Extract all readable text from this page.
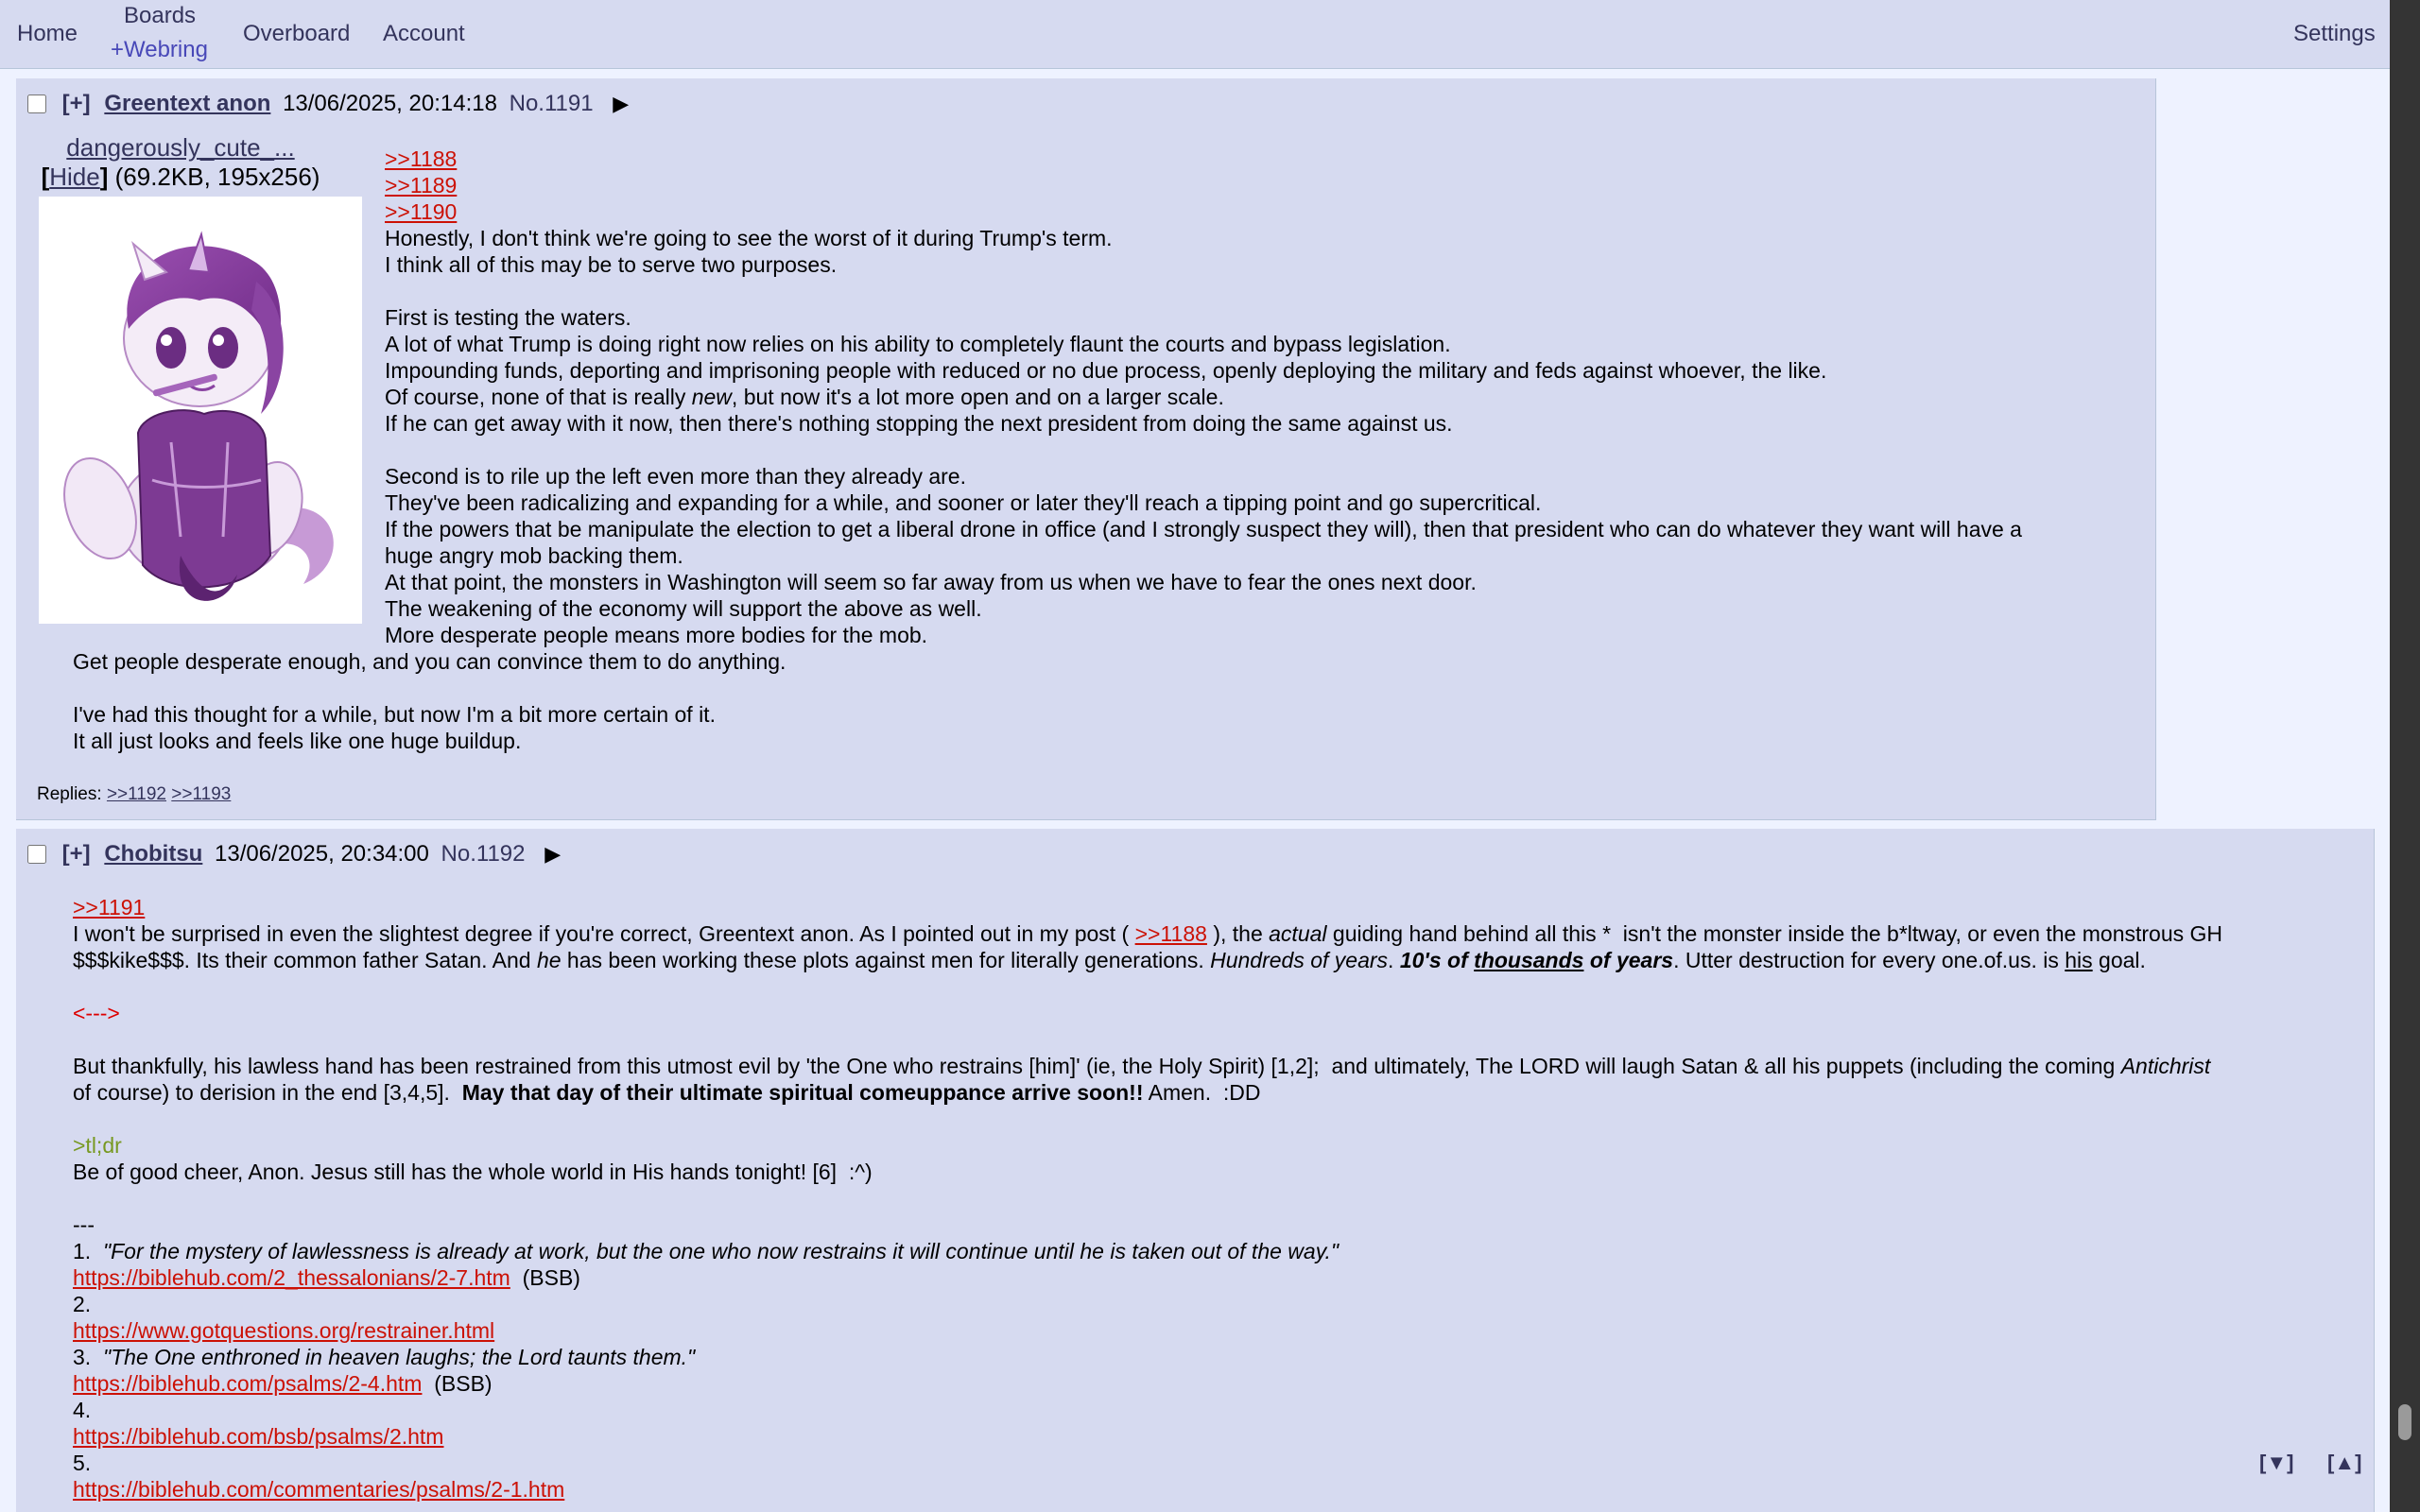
Home
Boards
+Webring
Overboard Account	Settings
[+] Greentext anon 13/06/2025, 20:14:18 No.1191 ▶
dangerously_cute_...
[Hide] (69.2KB, 195x256)
>>1188
>>1189
>>1190
Honestly, I don't think we're going to see the worst of it during Trump's term.
I think all of this may be to serve two purposes.

First is testing the waters.
A lot of what Trump is doing right now relies on his ability to completely flaunt the courts and bypass legislation.
Impounding funds, deporting and imprisoning people with reduced or no due process, openly deploying the military and feds against whoever, the like.
Of course, none of that is really new, but now it's a lot more open and on a larger scale.
If he can get away with it now, then there's nothing stopping the next president from doing the same against us.

Second is to rile up the left even more than they already are.
They've been radicalizing and expanding for a while, and sooner or later they'll reach a tipping point and go supercritical.
If the powers that be manipulate the election to get a liberal drone in office (and I strongly suspect they will), then that president who can do whatever they want will have a
huge angry mob backing them.
At that point, the monsters in Washington will seem so far away from us when we have to fear the ones next door.
The weakening of the economy will support the above as well.
More desperate people means more bodies for the mob.
Get people desperate enough, and you can convince them to do anything.

I've had this thought for a while, but now I'm a bit more certain of it.
It all just looks and feels like one huge buildup.
Replies: >>1192 >>1193
[+] Chobitsu 13/06/2025, 20:34:00 No.1192 ▶
>>1191
I won't be surprised in even the slightest degree if you're correct, Greentext anon. As I pointed out in my post ( >>1188 ), the actual guiding hand behind all this *  isn't the monster inside the b*ltway, or even the monstrous GH
$$$kike$$$. Its their common father Satan. And he has been working these plots against men for literally generations. Hundreds of years. 10's of thousands of years. Utter destruction for every one.of.us. is his goal.

<--->

But thankfully, his lawless hand has been restrained from this utmost evil by 'the One who restrains [him]' (ie, the Holy Spirit) [1,2];  and ultimately, The LORD will laugh Satan & all his puppets (including the coming Antichrist
of course) to derision in the end [3,4,5].  May that day of their ultimate spiritual comeuppance arrive soon!! Amen.  :DD

>tl;dr
Be of good cheer, Anon. Jesus still has the whole world in His hands tonight! [6]  :^)

---
1.  "For the mystery of lawlessness is already at work, but the one who now restrains it will continue until he is taken out of the way."
https://biblehub.com/2_thessalonians/2-7.htm  (BSB)
2.
https://www.gotquestions.org/restrainer.html
3.  "The One enthroned in heaven laughs; the Lord taunts them."
https://biblehub.com/psalms/2-4.htm  (BSB)
4.
https://biblehub.com/bsb/psalms/2.htm
5.
https://biblehub.com/commentaries/psalms/2-1.htm
[▼] [▲]
